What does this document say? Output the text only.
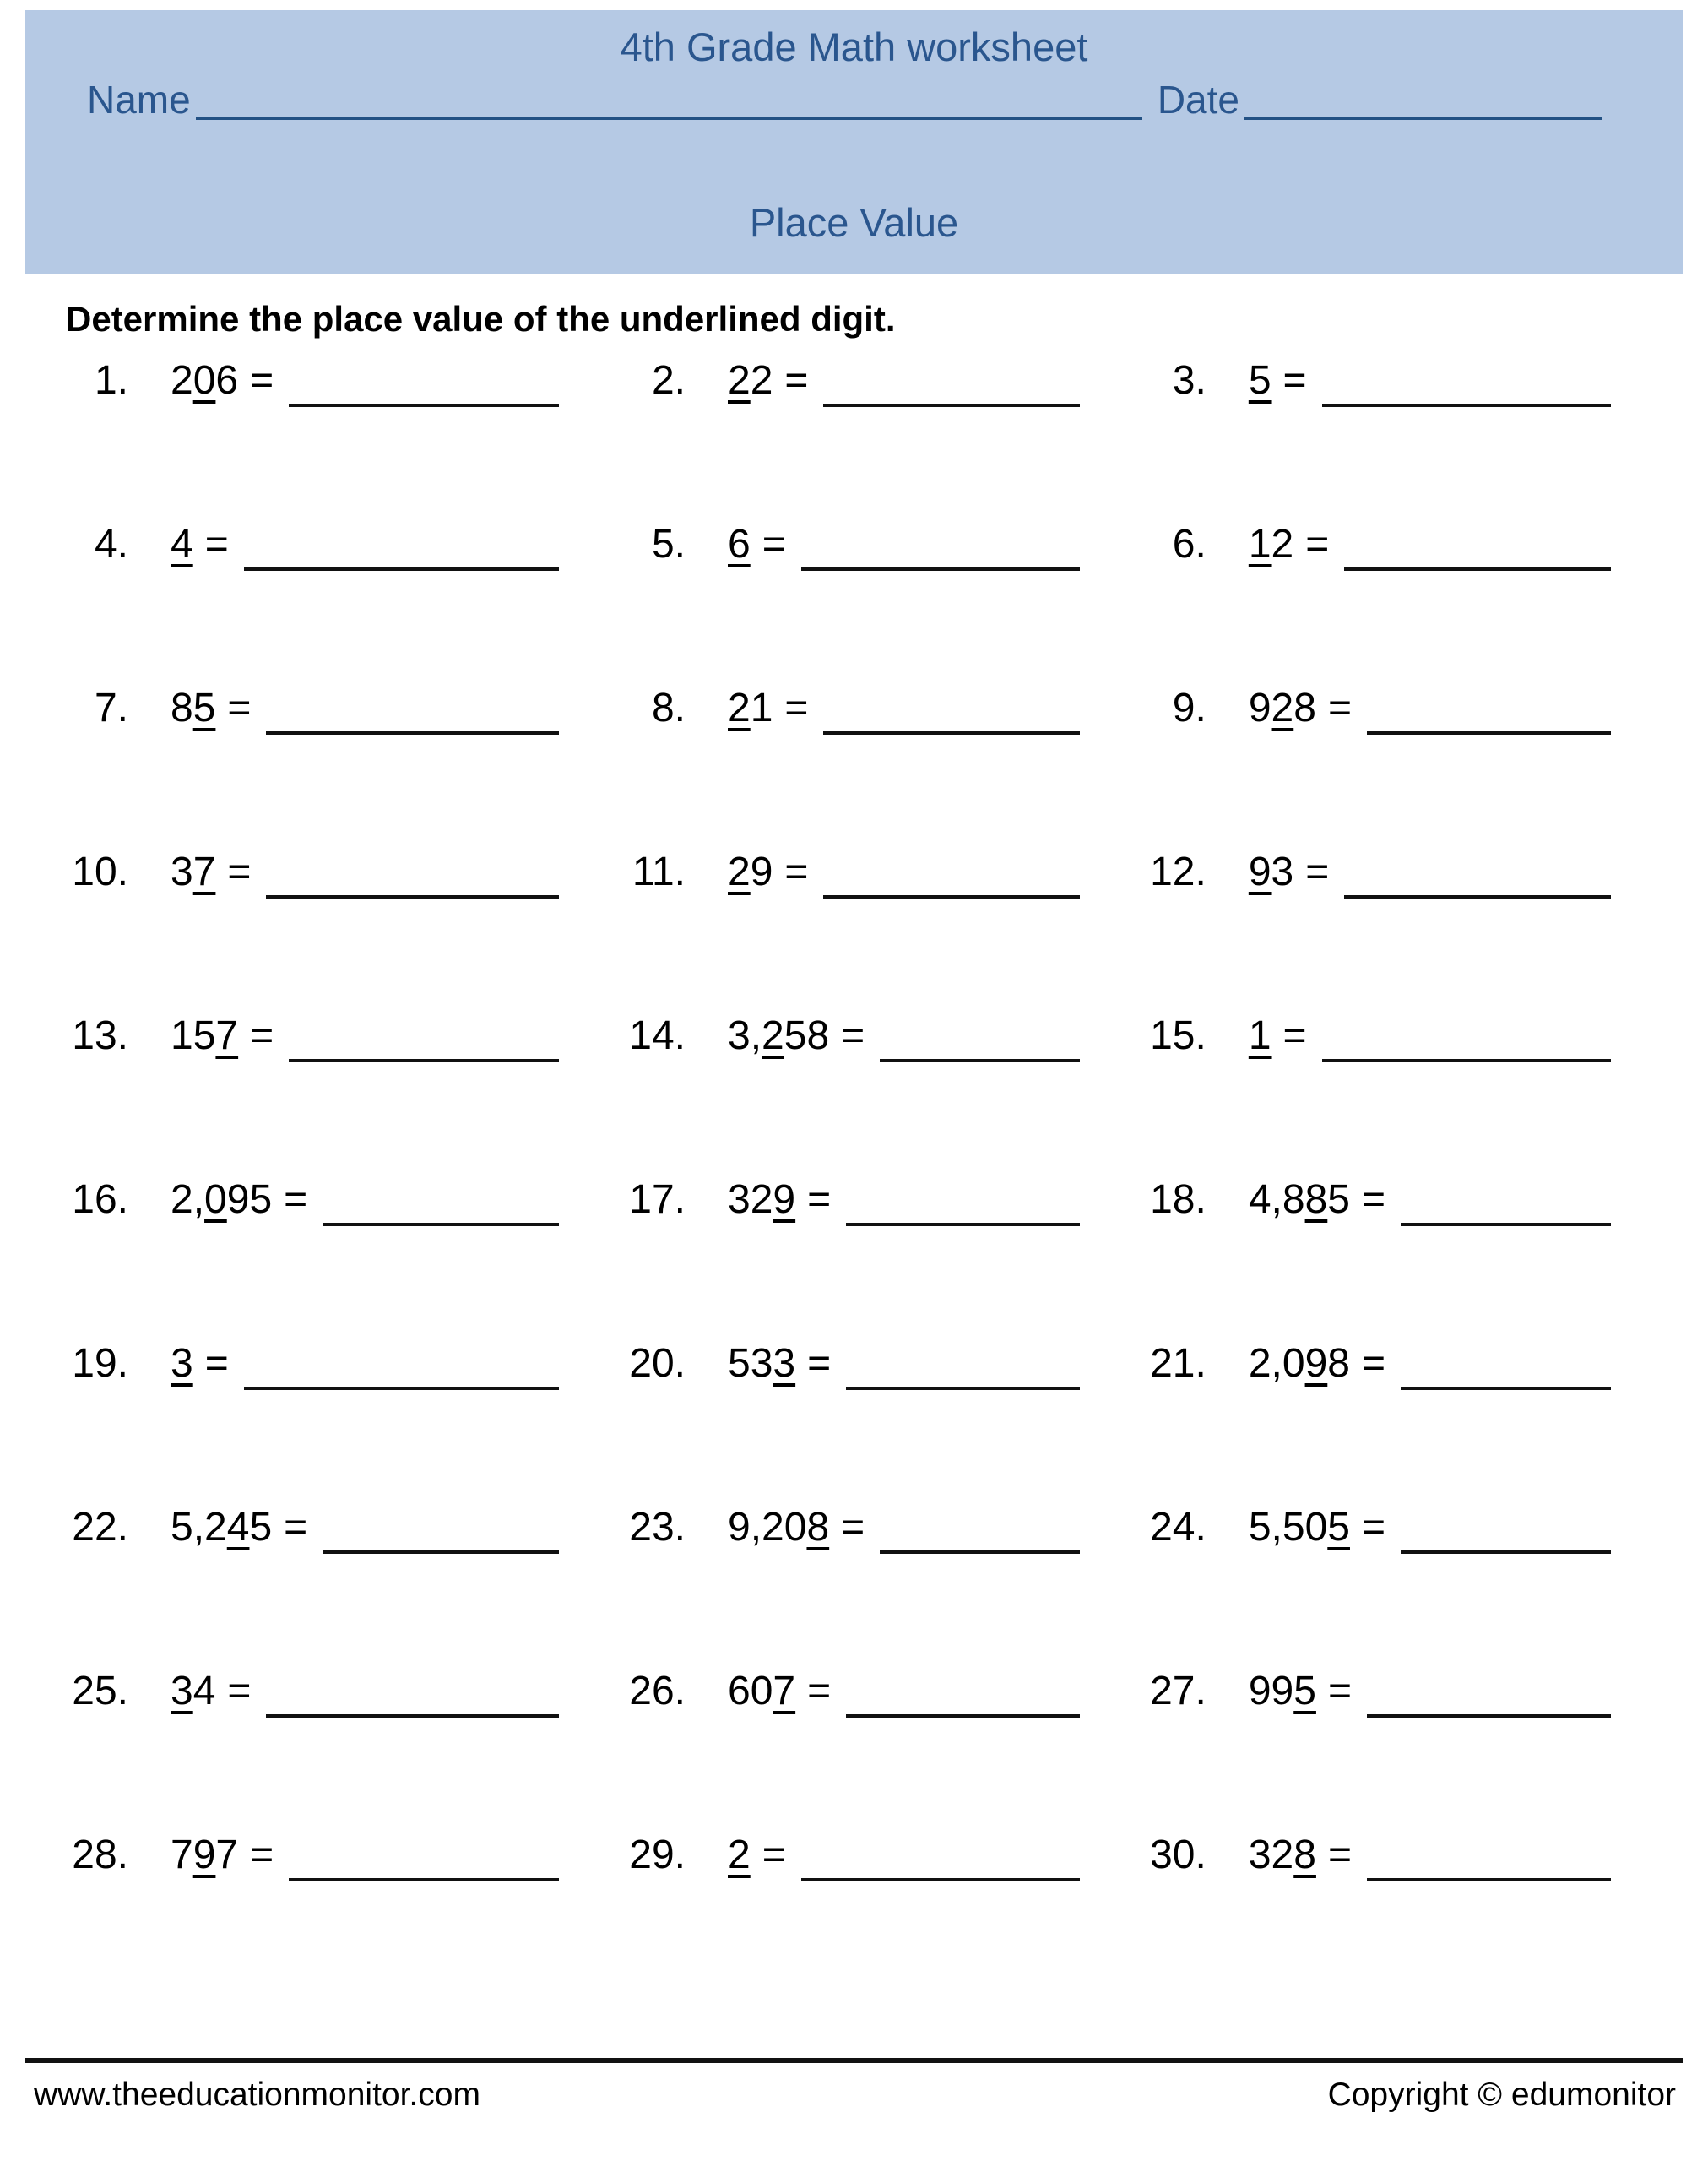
4th Grade Math worksheet
Name	Date
Place Value
Determine the place value of the underlined digit.
1. 206 =	2. 22 =	3. 5 =
4. 4 =	5. 6 =	6. 12 =
7. 85 =	8. 21 =	9. 928 =
10. 37 =	11. 29 =	12. 93 =
13. 157 =	14. 3,258 =	15. 1 =
16. 2,095 =	17. 329 =	18. 4,885 =
19. 3 =	20. 533 =	21. 2,098 =
22. 5,245 =	23. 9,208 =	24. 5,505 =
25. 34 =	26. 607 =	27. 995 =
28. 797 =	29. 2 =	30. 328 =
www.theeducationmonitor.com	Copyright © edumonitor
